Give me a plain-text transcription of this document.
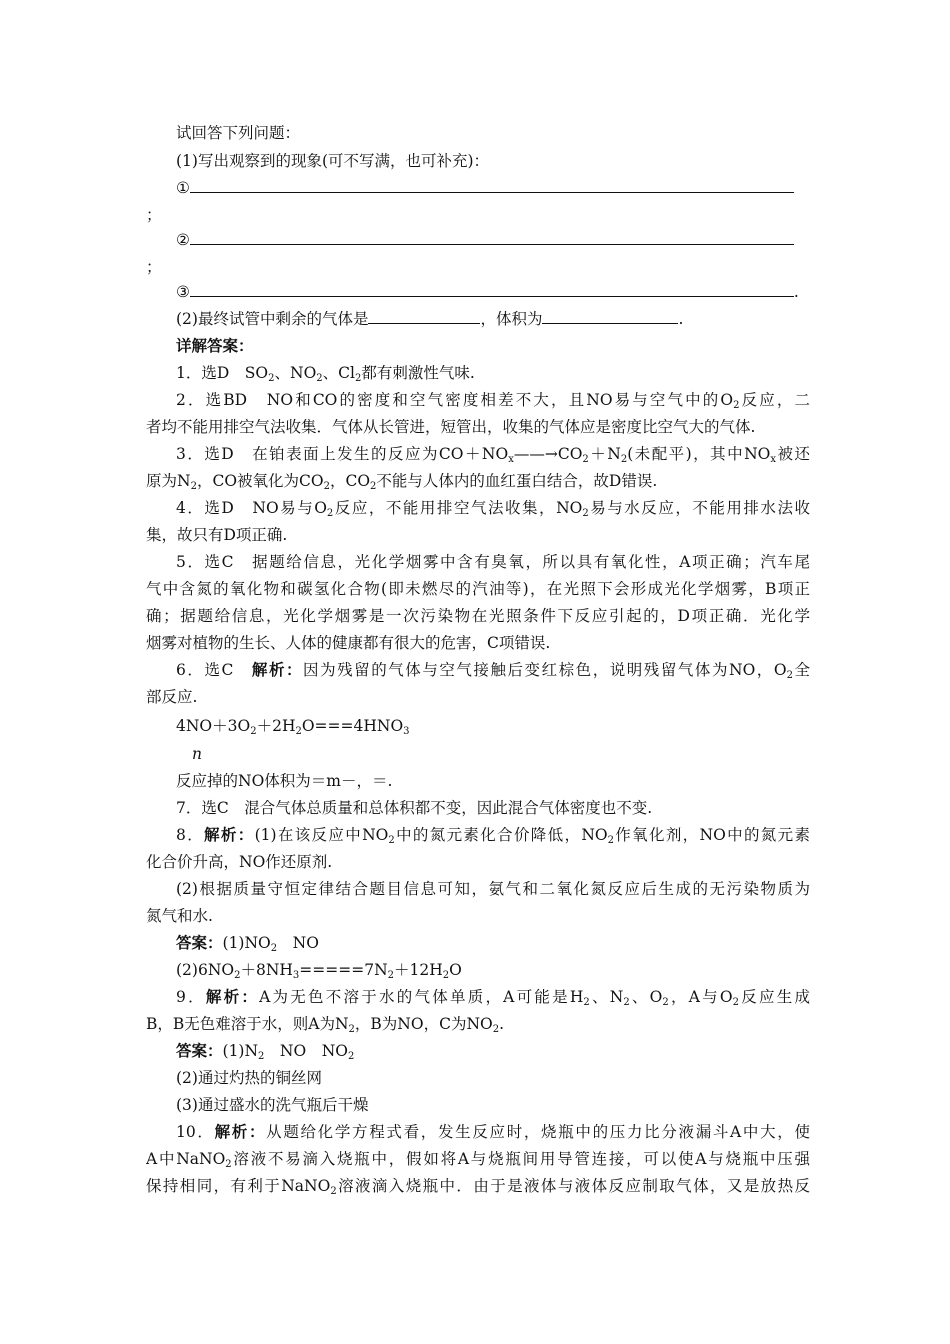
试回答下列问题：
(1)写出观察到的现象(可不写满，也可补充)：
①
；
②
；
③	.
(2)最终试管中剩余的气体是	，体积为	.
详解答案：
1．选D　$SO_2$、$NO_2$、$Cl_2$都有刺激性气味.
2．选BD　NO和CO的密度和空气密度相差不大，且NO易与空气中的$O_2$反应，二
者均不能用排空气法收集．气体从长管进，短管出，收集的气体应是密度比空气大的气体.
3．选D　在铂表面上发生的反应为$CO+NO_x——\to CO_2+N_2$(未配平)，其中$NO_x$被还
原为$N_2$，CO被氧化为$CO_2$，$CO_2$不能与人体内的血红蛋白结合，故D错误.
4．选D　NO易与$O_2$反应，不能用排空气法收集，$NO_2$易与水反应，不能用排水法收
集，故只有D项正确.
5．选C　据题给信息，光化学烟雾中含有臭氧，所以具有氧化性，A项正确；汽车尾
气中含氮的氧化物和碳氢化合物(即未燃尽的汽油等)，在光照下会形成光化学烟雾，B项正
确；据题给信息，光化学烟雾是一次污染物在光照条件下反应引起的，D项正确．光化学
烟雾对植物的生长、人体的健康都有很大的危害，C项错误.
6．选C　解析：因为残留的气体与空气接触后变红棕色，说明残留气体为NO，$O_2$全
部反应.
$4NO+3O_2+2H_2O===4HNO_3$
n
反应掉的NO体积为＝m－，＝.
7．选C　混合气体总质量和总体积都不变，因此混合气体密度也不变.
8．解析：(1)在该反应中$NO_2$中的氮元素化合价降低，$NO_2$作氧化剂，NO中的氮元素
化合价升高，NO作还原剂.
(2)根据质量守恒定律结合题目信息可知，氨气和二氧化氮反应后生成的无污染物质为
氮气和水.
答案：$(1)NO_2$　NO
$(2)6NO_2+8NH_3=====7N_2+12H_2O$
9．解析：A为无色不溶于水的气体单质，A可能是$H_2$、$N_2$、$O_2$，A与$O_2$反应生成
B，B无色难溶于水，则A为$N_2$，B为NO，C为$NO_2$.
答案：$(1)N_2$　NO　$NO_2$
(2)通过灼热的铜丝网
(3)通过盛水的洗气瓶后干燥
10．解析：从题给化学方程式看，发生反应时，烧瓶中的压力比分液漏斗A中大，使
A中NaNO$_2$溶液不易滴入烧瓶中，假如将A与烧瓶间用导管连接，可以使A与烧瓶中压强
保持相同，有利于NaNO$_2$溶液滴入烧瓶中．由于是液体与液体反应制取气体，又是放热反
